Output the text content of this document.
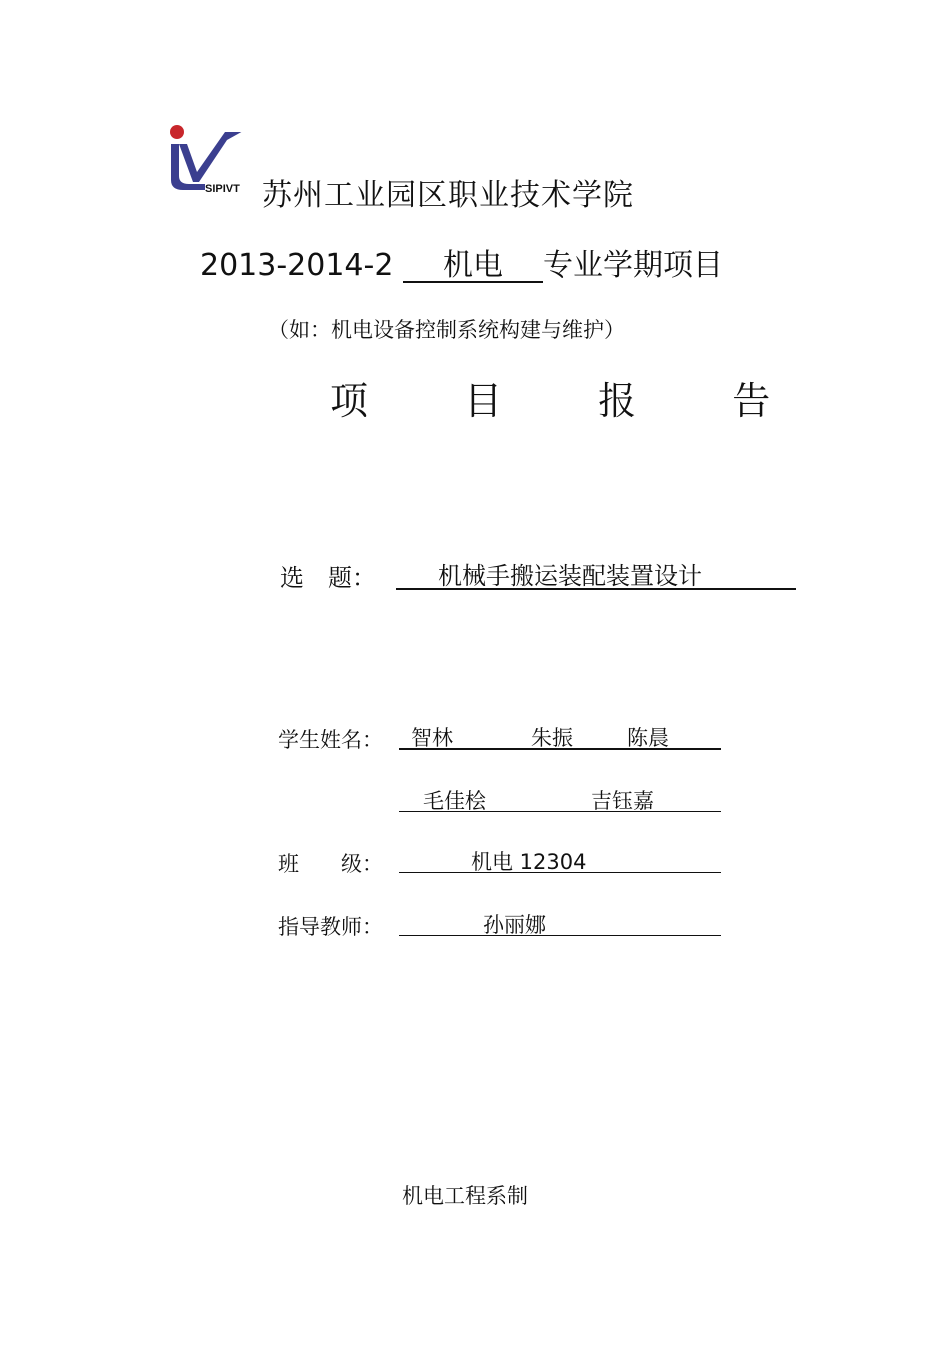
SIPIVT 苏州工业园区职业技术学院
2013-2014-2 机电 专业学期项目
（如：机电设备控制系统构建与维护）
项 目 报 告
选　题：	机械手搬运装配装置设计
学生姓名： 智林	朱振	陈晨
毛佳桧	吉钰嘉
班　　级：	机电 12304
指导教师：	孙丽娜
机电工程系制
